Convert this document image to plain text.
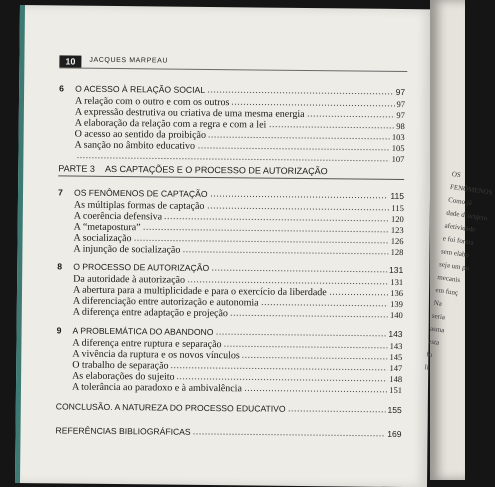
10	JACQUES MARPEAU
6	O ACESSO À RELAÇÃO SOCIAL	97
A relação com o outro e com os outros	97
A expressão destrutiva ou criativa de uma mesma energia	97
A elaboração da relação com a regra e com a lei	98
O acesso ao sentido da proibição	103
A sanção no âmbito educativo	105
107
PARTE 3 AS CAPTAÇÕES E O PROCESSO DE AUTORIZAÇÃO
7	OS FENÔMENOS DE CAPTAÇÃO	115
As múltiplas formas de captação	115
A coerência defensiva	120
A “metapostura”	123
A socialização	126
A injunção de socialização	128
8	O PROCESSO DE AUTORIZAÇÃO	131
Da autoridade à autorização	131
A abertura para a multiplicidade e para o exercício da liberdade	136
A diferenciação entre autorização e autonomia	139
A diferença entre adaptação e projeção	140
9	A PROBLEMÁTICA DO ABANDONO	143
A diferença entre ruptura e separação	143
A vivência da ruptura e os novos vínculos	145
O trabalho de separação	147
As elaborações do sujeito	148
A tolerância ao paradoxo e à ambivalência	151
CONCLUSÃO. A NATUREZA DO PROCESSO EDUCATIVO	155
REFERÊNCIAS BIBLIOGRÁFICAS	169
OS FENÔMENOS
Como já
dade d' origem
afetividade
e foi forma
sem elabo
seja um po
mecanis
em funç
Na
seria
asma
esta
fo
li
